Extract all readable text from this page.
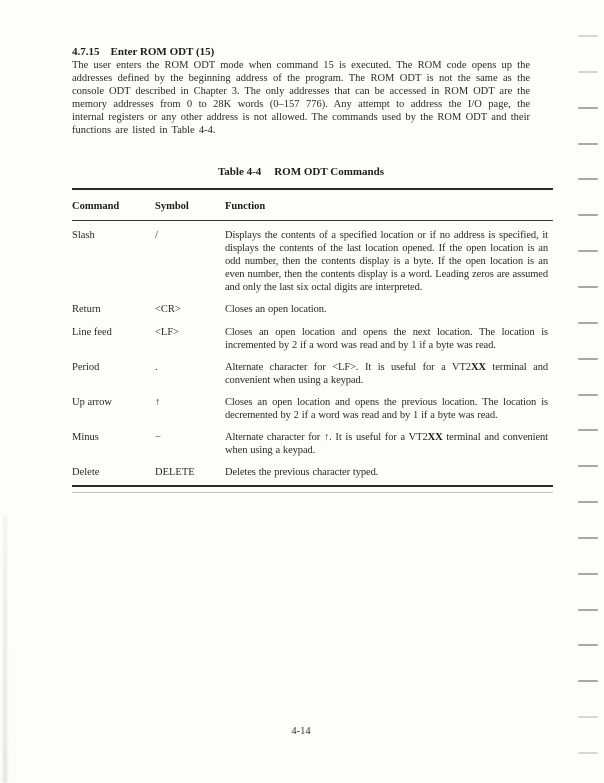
4.7.15 Enter ROM ODT (15)

The user enters the ROM ODT mode when command 15 is executed. The ROM code opens up the addresses defined by the beginning address of the program. The ROM ODT is not the same as the console ODT described in Chapter 3. The only addresses that can be accessed in ROM ODT are the memory addresses from 0 to 28K words (0–157 776). Any attempt to address the I/O page, the internal registers or any other address is not allowed. The commands used by the ROM ODT and their functions are listed in Table 4-4.

Table 4-4 ROM ODT Commands

Command	Symbol	Function
Slash	/	Displays the contents of a specified location or if no address is specified, it displays the contents of the last location opened. If the open location is an odd number, then the contents display is a byte. If the open location is an even number, then the contents display is a word. Leading zeros are assumed and only the last six octal digits are interpreted.
Return	<CR>	Closes an open location.
Line feed	<LF>	Closes an open location and opens the next location. The location is incremented by 2 if a word was read and by 1 if a byte was read.
Period	.	Alternate character for <LF>. It is useful for a VT2XX terminal and convenient when using a keypad.
Up arrow	↑	Closes an open location and opens the previous location. The location is decremented by 2 if a word was read and by 1 if a byte was read.
Minus	−	Alternate character for ↑. It is useful for a VT2XX terminal and convenient when using a keypad.
Delete	DELETE	Deletes the previous character typed.
4-14
